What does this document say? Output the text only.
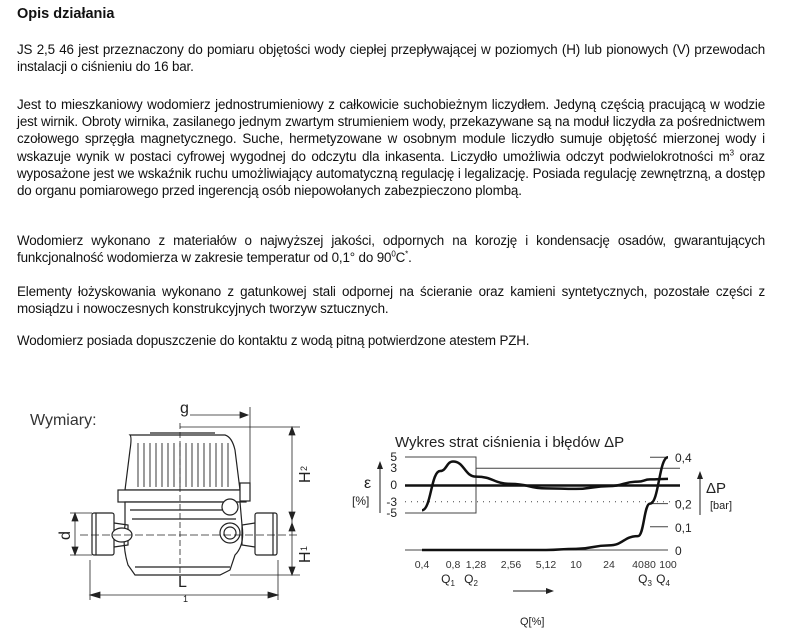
Opis działania
JS 2,5 46 jest przeznaczony do pomiaru objętości wody ciepłej przepływającej w poziomych (H) lub pionowych (V) przewodach instalacji o ciśnieniu do 16 bar.
Jest to mieszkaniowy wodomierz jednostrumieniowy z całkowicie suchobieżnym liczydłem. Jedyną częścią pracującą w wodzie jest wirnik. Obroty wirnika, zasilanego jednym zwartym strumieniem wody, przekazywane są na moduł liczydła za pośrednictwem czołowego sprzęgła magnetycznego. Suche, hermetyzowane w osobnym module liczydło sumuje objętość mierzonej wody i wskazuje wynik w postaci cyfrowej wygodnej do odczytu dla inkasenta. Liczydło umożliwia odczyt podwielokrotności $m^3$ oraz wyposażone jest we wskaźnik ruchu umożliwiający automatyczną regulację i legalizację. Posiada regulację zewnętrzną, a dostęp do organu pomiarowego przed ingerencją osób niepowołanych zabezpieczono plombą.
Wodomierz wykonano z materiałów o najwyższej jakości, odpornych na korozję i kondensację osadów, gwarantujących funkcjonalność wodomierza w zakresie temperatur od 0,1° do $90^0C^*$.
Elementy łożyskowania wykonano z gatunkowej stali odpornej na ścieranie oraz kamieni syntetycznych, pozostałe części z mosiądzu i nowoczesnych konstrukcyjnych tworzyw sztucznych.
Wodomierz posiada dopuszczenie do kontaktu z wodą pitną potwierdzone atestem PZH.
Wymiary:
g
d
L
1
H
2
H
1
Wykres strat ciśnienia i błędów ΔP
5
3
0
-3
-5
0,4
0,2
0,1
0
0,4 0,8 1,28 2,56 5,12 10 24 40 80 100
$Q_1$ $Q_2$	$Q_3$ $Q_4$
ε
[%]
ΔP
[bar]
Q[%]
